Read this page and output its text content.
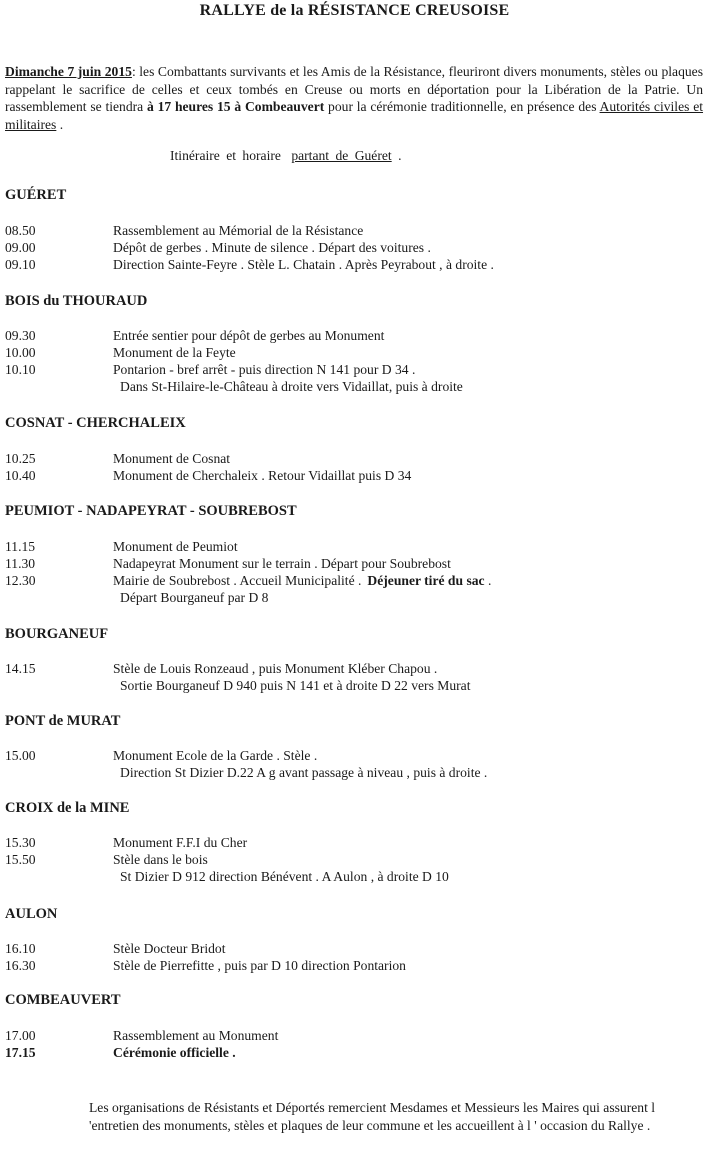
RALLYE de la RÉSISTANCE CREUSOISE

Dimanche 7 juin 2015: les Combattants survivants et les Amis de la Résistance, fleuriront divers monuments, stèles ou plaques rappelant le sacrifice de celles et ceux tombés en Creuse ou morts en déportation pour la Libération de la Patrie. Un rassemblement se tiendra à 17 heures 15 à Combeauvert pour la cérémonie traditionnelle, en présence des Autorités civiles et militaires .

Itinéraire et horaire partant de Guéret .
GUÉRET
08.50	Rassemblement au Mémorial de la Résistance
09.00	Dépôt de gerbes . Minute de silence . Départ des voitures .
09.10	Direction Sainte-Feyre . Stèle L. Chatain . Après Peyrabout , à droite .
BOIS du THOURAUD
09.30	Entrée sentier pour dépôt de gerbes au Monument
10.00	Monument de la Feyte
10.10	Pontarion - bref arrêt - puis direction N 141 pour D 34 .
Dans St-Hilaire-le-Château à droite vers Vidaillat, puis à droite
COSNAT - CHERCHALEIX
10.25	Monument de Cosnat
10.40	Monument de Cherchaleix . Retour Vidaillat puis D 34
PEUMIOT - NADAPEYRAT - SOUBREBOST
11.15	Monument de Peumiot
11.30	Nadapeyrat Monument sur le terrain . Départ pour Soubrebost
12.30	Mairie de Soubrebost . Accueil Municipalité . Déjeuner tiré du sac .
Départ Bourganeuf par D 8
BOURGANEUF
14.15	Stèle de Louis Ronzeaud , puis Monument Kléber Chapou .
Sortie Bourganeuf D 940 puis N 141 et à droite D 22 vers Murat
PONT de MURAT
15.00	Monument Ecole de la Garde . Stèle .
Direction St Dizier D.22 A g avant passage à niveau , puis à droite .
CROIX de la MINE
15.30	Monument F.F.I du Cher
15.50	Stèle dans le bois
St Dizier D 912 direction Bénévent . A Aulon , à droite D 10
AULON
16.10	Stèle Docteur Bridot
16.30	Stèle de Pierrefitte , puis par D 10 direction Pontarion
COMBEAUVERT
17.00	Rassemblement au Monument
17.15	Cérémonie officielle .
Les organisations de Résistants et Déportés remercient Mesdames et Messieurs les Maires qui assurent l 'entretien des monuments, stèles et plaques de leur commune et les accueillent à l ' occasion du Rallye .
